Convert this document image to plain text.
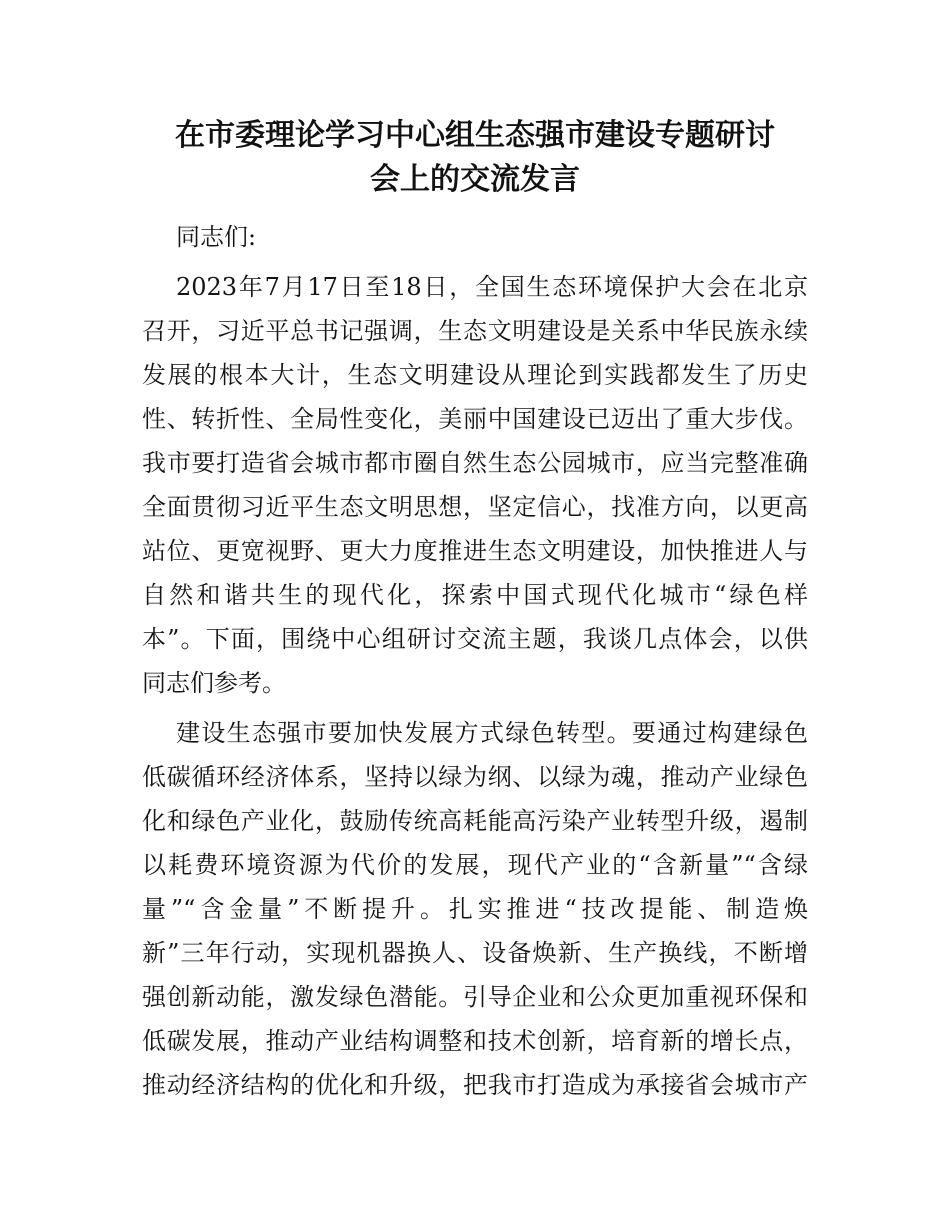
在市委理论学习中心组生态强市建设专题研讨
会上的交流发言
同志们:
2023年7月17日至18日，全国生态环境保护大会在北京
召开，习近平总书记强调，生态文明建设是关系中华民族永续
发展的根本大计，生态文明建设从理论到实践都发生了历史
性、转折性、全局性变化，美丽中国建设已迈出了重大步伐。
我市要打造省会城市都市圈自然生态公园城市，应当完整准确
全面贯彻习近平生态文明思想，坚定信心，找准方向，以更高
站位、更宽视野、更大力度推进生态文明建设，加快推进人与
自然和谐共生的现代化，探索中国式现代化城市“绿色样
本”。下面，围绕中心组研讨交流主题，我谈几点体会，以供
同志们参考。
建设生态强市要加快发展方式绿色转型。要通过构建绿色
低碳循环经济体系，坚持以绿为纲、以绿为魂，推动产业绿色
化和绿色产业化，鼓励传统高耗能高污染产业转型升级，遏制
以耗费环境资源为代价的发展，现代产业的“含新量”“含绿
量”“含金量”不断提升。扎实推进“技改提能、制造焕
新”三年行动，实现机器换人、设备焕新、生产换线，不断增
强创新动能，激发绿色潜能。引导企业和公众更加重视环保和
低碳发展，推动产业结构调整和技术创新，培育新的增长点，
推动经济结构的优化和升级，把我市打造成为承接省会城市产
